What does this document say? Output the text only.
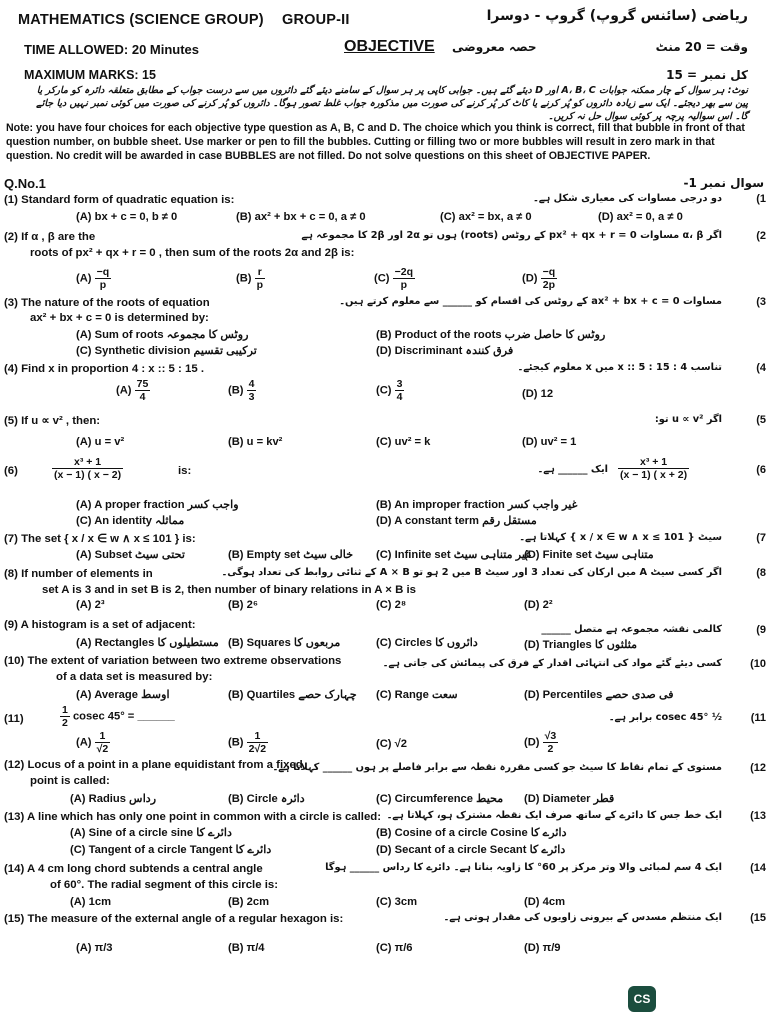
MATHEMATICS (SCIENCE GROUP) GROUP-II	ریاضی (سائنس گروپ) گروپ - دوسرا
TIME ALLOWED: 20 Minutes	OBJECTIVE حصہ معروضی	وقت = 20 منٹ
MAXIMUM MARKS: 15	کل نمبر = 15
نوٹ: ہر سوال کے چار ممکنہ جوابات A، B، C اور D دیئے گئے ہیں۔ جوابی کاپی پر ہر سوال کے سامنے دیئے گئے دائروں میں سے درست جواب کے مطابق متعلقہ دائرہ کو مارکر یا پین سے بھر دیجئے۔ ایک سے زیادہ دائروں کو پُر کرنے یا کاٹ کر پُر کرنے کی صورت میں مذکورہ جواب غلط تصور ہوگا۔ دائروں کو پُر کرنے کی صورت میں کوئی نمبر نہیں دیا جائے گا۔ اس سوالیہ پرچہ پر کوئی سوال حل نہ کریں۔
Note: you have four choices for each objective type question as A, B, C and D. The choice which you think is correct, fill that bubble in front of that question number, on bubble sheet. Use marker or pen to fill the bubbles. Cutting or filling two or more bubbles will result in zero mark in that question. No credit will be awarded in case BUBBLES are not filled. Do not solve questions on this sheet of OBJECTIVE PAPER.
Q.No.1	سوال نمبر 1-
(1) Standard form of quadratic equation is:	دو درجی مساوات کی معیاری شکل ہے۔	(1
(A) bx + c = 0, b ≠ 0	(B) ax² + bx + c = 0, a ≠ 0	(C) ax² = bx, a ≠ 0	(D) ax² = 0, a ≠ 0
(2) If α , β are the
roots of px² + qx + r = 0 , then sum of the roots 2α and 2β is:
اگر α، β مساوات px² + qx + r = 0 کے روٹس (roots) ہوں تو 2α اور 2β کا مجموعہ ہے	(2
$(A) \frac{-q}{p}$	$(B) \frac{r}{p}$	$(C) \frac{-2q}{p}$	$(D) \frac{-q}{2p}$
(3) The nature of the roots of equation
ax² + bx + c = 0 is determined by:
مساوات ax² + bx + c = 0 کے روٹس کی اقسام کو ______ سے معلوم کرتے ہیں۔	(3
(A) Sum of roots روٹس کا مجموعہ	(B) Product of the roots روٹس کا حاصل ضرب
(C) Synthetic division ترکیبی تقسیم	(D) Discriminant فرق کنندہ
(4) Find x in proportion 4 : x :: 5 : 15 .	تناسب 4 : x :: 5 : 15 میں x معلوم کیجئے۔	(4
$(A) \frac{75}{4}$	$(B) \frac{4}{3}$	$(C) \frac{3}{4}$	(D) 12
(5) If u ∝ v² , then:	اگر u ∝ v² تو:	(5
(A) u = v²	(B) u = kv²	(C) uv² = k	(D) uv² = 1
(6)	$\frac{\text{x³ + 1}}{(x - 1) ( x - 2)}$	is:	ایک ______ ہے۔ $\frac{\text{x³ + 1}}{(x - 1) ( x + 2)}$	(6
(A) A proper fraction واجب کسر	(B) An improper fraction غیر واجب کسر
(C) An identity مماثلہ	(D) A constant term مستقل رقم
(7) The set { x / x ∈ w ∧ x ≤ 101 } is:	سیٹ { x / x ∈ w ∧ x ≤ 101 } کہلاتا ہے۔	(7
(A) Subset تحتی سیٹ	(B) Empty set خالی سیٹ (C) Infinite set غیر متناہی سیٹ
(D) Finite set متناہی سیٹ
(8) If number of elements in
set A is 3 and in set B is 2, then number of binary relations in A × B is
اگر کسی سیٹ A میں ارکان کی تعداد 3 اور سیٹ B میں 2 ہو تو A × B کے ثنائی روابط کی تعداد ہوگی۔	(8
(A) 2³	(B) 2⁶	(C) 2⁸	(D) 2²
(9) A histogram is a set of adjacent:	کالمی نقشہ مجموعہ ہے متصل ______	(9
(A) Rectangles مستطیلوں کا (B) Squares مربعوں کا	(C) Circles دائروں کا	(D) Triangles مثلثوں کا
(10) The extent of variation between two extreme observations
of a data set is measured by:
کسی دیئے گئے مواد کی انتہائی اقدار کے فرق کی پیمائش کی جاتی ہے۔	(10
(A) Average اوسط	(B) Quartiles چہارک حصے (C) Range سعت	(D) Percentiles فی صدی حصے
(11)	$\frac{1}{2}$ cosec 45° = ______	½ cosec 45° برابر ہے۔	(11
$(A) \frac{1}{√2}$	$(B) \frac{1}{2√2}$	(C) √2	$(D) \frac{√3}{2}$
(12) Locus of a point in a plane equidistant from a fixed
point is called:
مستوی کے تمام نقاط کا سیٹ جو کسی مقررہ نقطہ سے برابر فاصلے پر ہوں ______ کہلاتا ہے۔	(12
(A) Radius رداس	(B) Circle دائرہ	(C) Circumference محیط (D) Diameter قطر
(13) A line which has only one point in common with a circle is called: ایک خط جس کا دائرے کے ساتھ صرف ایک نقطہ مشترک ہو، کہلاتا ہے۔	(13
(A) Sine of a circle sine دائرے کا	(B) Cosine of a circle Cosine دائرے کا
(C) Tangent of a circle Tangent دائرے کا	(D) Secant of a circle Secant دائرے کا
(14) A 4 cm long chord subtends a central angle
of 60°. The radial segment of this circle is:
ایک 4 سم لمبائی والا وتر مرکز پر 60° کا زاویہ بناتا ہے۔ دائرے کا رداس ______ ہوگا	(14
(A) 1cm	(B) 2cm	(C) 3cm	(D) 4cm
(15) The measure of the external angle of a regular hexagon is:	ایک منتظم مسدس کے بیرونی زاویوں کی مقدار ہوتی ہے۔	(15
(A) π/3	(B) π/4	(C) π/6	(D) π/9
CS
